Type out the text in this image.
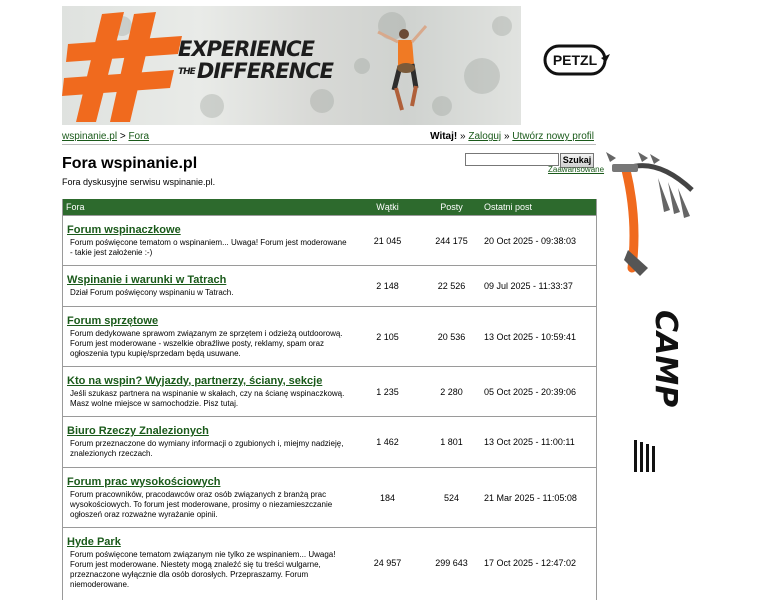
EXPERIENCE
THEDIFFERENCE	PETZL
CAMP
wspinanie.pl > Fora	Witaj! » Zaloguj » Utwórz nowy profil
Fora wspinanie.pl
Fora dyskusyjne serwisu wspinanie.pl.
Szukaj
Zaawansowane
Fora	Wątki	Posty	Ostatni post

Forum wspinaczkowe
Forum poświęcone tematom o wspinaniem... Uwaga! Forum jest moderowane - takie jest założenie :-)	21 045	244 175	20 Oct 2025 - 09:38:03

Wspinanie i warunki w Tatrach
Dział Forum poświęcony wspinaniu w Tatrach.	2 148	22 526	09 Jul 2025 - 11:33:37

Forum sprzętowe
Forum dedykowane sprawom związanym ze sprzętem i odzieżą outdoorową. Forum jest moderowane - wszelkie obraźliwe posty, reklamy, spam oraz ogłoszenia typu kupię/sprzedam będą usuwane.	2 105	20 536	13 Oct 2025 - 10:59:41

Kto na wspin? Wyjazdy, partnerzy, ściany, sekcje
Jeśli szukasz partnera na wspinanie w skałach, czy na ścianę wspinaczkową. Masz wolne miejsce w samochodzie. Pisz tutaj.	1 235	2 280	05 Oct 2025 - 20:39:06

Biuro Rzeczy Znalezionych
Forum przeznaczone do wymiany informacji o zgubionych i, miejmy nadzieję, znalezionych rzeczach.	1 462	1 801	13 Oct 2025 - 11:00:11

Forum prac wysokościowych
Forum pracowników, pracodawców oraz osób związanych z branżą prac wysokościowych. To forum jest moderowane, prosimy o niezamieszczanie ogłoszeń oraz rozważne wyrażanie opinii.	184	524	21 Mar 2025 - 11:05:08

Hyde Park
Forum poświęcone tematom związanym nie tylko ze wspinaniem... Uwaga! Forum jest moderowane. Niestety mogą znaleźć się tu treści wulgarne, przeznaczone wyłącznie dla osób dorosłych. Przepraszamy. Forum niemoderowane.	24 957	299 643	17 Oct 2025 - 12:47:02
